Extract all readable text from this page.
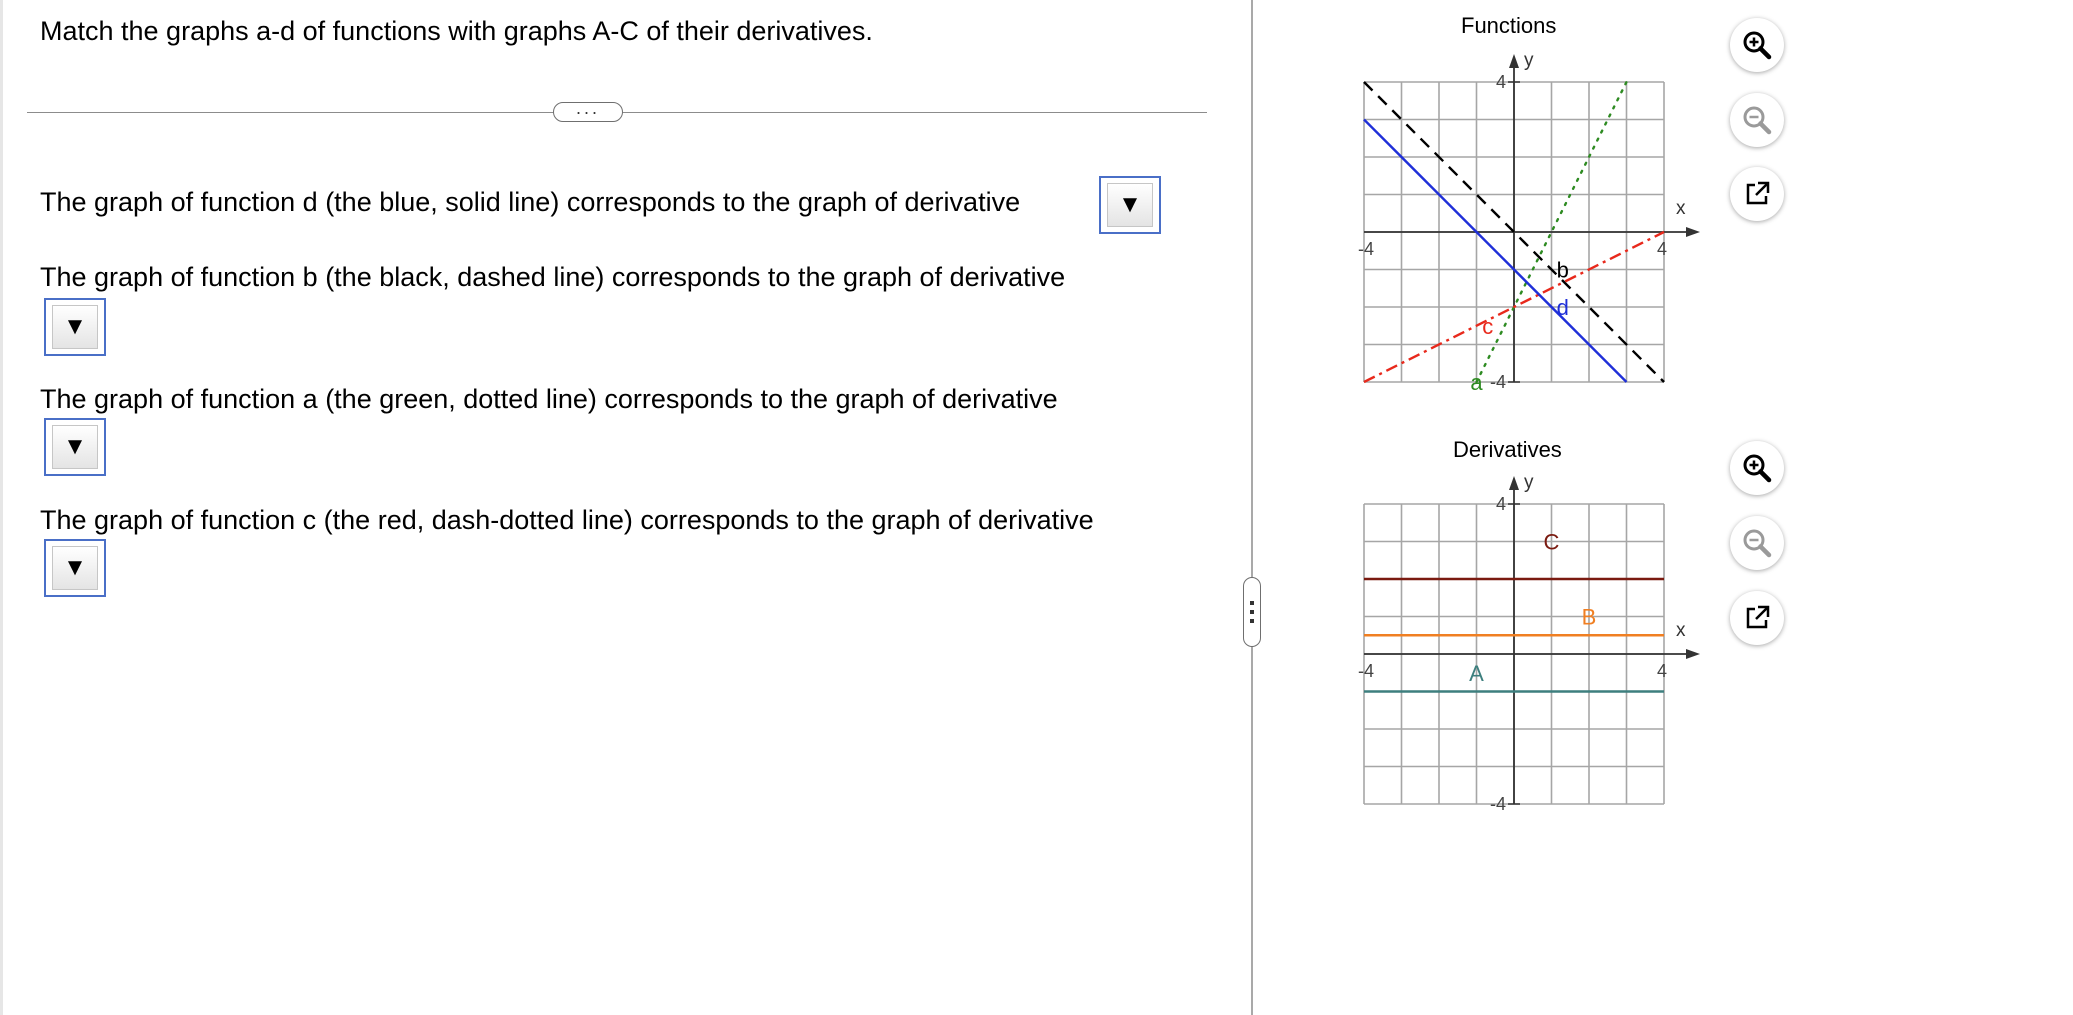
Match the graphs a-d of functions with graphs A-C of their derivatives.
...
The graph of function d (the blue, solid line) corresponds to the graph of derivative	▼
The graph of function b (the black, dashed line) corresponds to the graph of derivative
▼
The graph of function a (the green, dotted line) corresponds to the graph of derivative
▼
The graph of function c (the red, dash-dotted line) corresponds to the graph of derivative
▼
Functions
y
x
4
-4
-4	4
a
b
c
d
Derivatives
y
x
4
-4
-4	4
A
B
C
